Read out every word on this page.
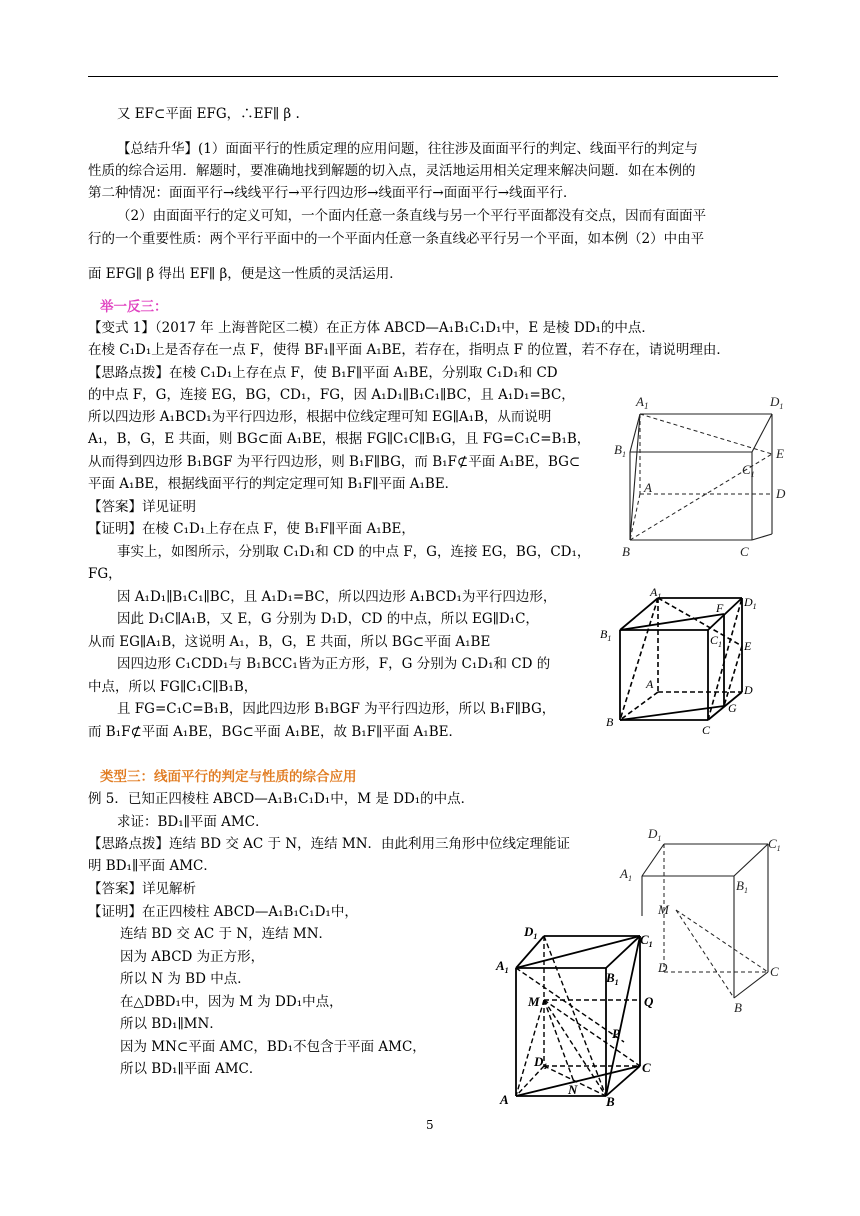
又 EF⊂平面 EFG，∴EF∥ β .
【总结升华】(1）面面平行的性质定理的应用问题，往往涉及面面平行的判定、线面平行的判定与
性质的综合运用．解题时，要准确地找到解题的切入点，灵活地运用相关定理来解决问题．如在本例的
第二种情况：面面平行→线线平行→平行四边形→线面平行→面面平行→线面平行．
（2）由面面平行的定义可知，一个面内任意一条直线与另一个平行平面都没有交点，因而有面面平
行的一个重要性质：两个平行平面中的一个平面内任意一条直线必平行另一个平面，如本例（2）中由平
面 EFG∥ β 得出 EF∥ β，便是这一性质的灵活运用．
举一反三：
【变式 1】（2017 年 上海普陀区二模）在正方体 ABCD—A₁B₁C₁D₁中，E 是棱 DD₁的中点．
在棱 C₁D₁上是否存在一点 F，使得 BF₁∥平面 A₁BE，若存在，指明点 F 的位置，若不存在，请说明理由．
【思路点拨】在棱 C₁D₁上存在点 F，使 B₁F∥平面 A₁BE，分别取 C₁D₁和 CD
的中点 F，G，连接 EG，BG，CD₁，FG，因 A₁D₁∥B₁C₁∥BC，且 A₁D₁=BC，
所以四边形 A₁BCD₁为平行四边形，根据中位线定理可知 EG∥A₁B，从而说明
A₁，B，G，E 共面，则 BG⊂面 A₁BE，根据 FG∥C₁C∥B₁G，且 FG=C₁C=B₁B，
从而得到四边形 B₁BGF 为平行四边形，则 B₁F∥BG，而 B₁F⊄平面 A₁BE，BG⊂
平面 A₁BE，根据线面平行的判定定理可知 B₁F∥平面 A₁BE．
【答案】详见证明
【证明】在棱 C₁D₁上存在点 F，使 B₁F∥平面 A₁BE，
事实上，如图所示，分别取 C₁D₁和 CD 的中点 F，G，连接 EG，BG，CD₁，
FG，
因 A₁D₁∥B₁C₁∥BC，且 A₁D₁=BC，所以四边形 A₁BCD₁为平行四边形，
因此 D₁C∥A₁B，又 E，G 分别为 D₁D，CD 的中点，所以 EG∥D₁C，
从而 EG∥A₁B，这说明 A₁，B，G，E 共面，所以 BG⊂平面 A₁BE
因四边形 C₁CDD₁与 B₁BCC₁皆为正方形，F，G 分别为 C₁D₁和 CD 的
中点，所以 FG∥C₁C∥B₁B，
且 FG=C₁C=B₁B，因此四边形 B₁BGF 为平行四边形，所以 B₁F∥BG，
而 B₁F⊄平面 A₁BE，BG⊂平面 A₁BE，故 B₁F∥平面 A₁BE．
类型三：线面平行的判定与性质的综合应用
例 5．已知正四棱柱 ABCD—A₁B₁C₁D₁中，M 是 DD₁的中点．
求证：BD₁∥平面 AMC．
【思路点拨】连结 BD 交 AC 于 N，连结 MN．由此利用三角形中位线定理能证
明 BD₁∥平面 AMC．
【答案】详见解析
【证明】在正四棱柱 ABCD—A₁B₁C₁D₁中，
连结 BD 交 AC 于 N，连结 MN．
因为 ABCD 为正方形，
所以 N 为 BD 中点．
在△DBD₁中，因为 M 为 DD₁中点，
所以 BD₁∥MN．
因为 MN⊂平面 AMC，BD₁不包含于平面 AMC，
所以 BD₁∥平面 AMC．
$A_1$	$D_1$
$B_1$
$C_1$
E
A	D
B	C
$A_1$	$D_1$
F
$B_1$	$C_1$ E
A	D
G
B
C
$D_1$	$C_1$
$A_1$	$B_1$
M
D	C
B
$D_1$	$C_1$
$A_1$	$B_1$
M	Q
P
$D_1$	C
A
N
B
5
